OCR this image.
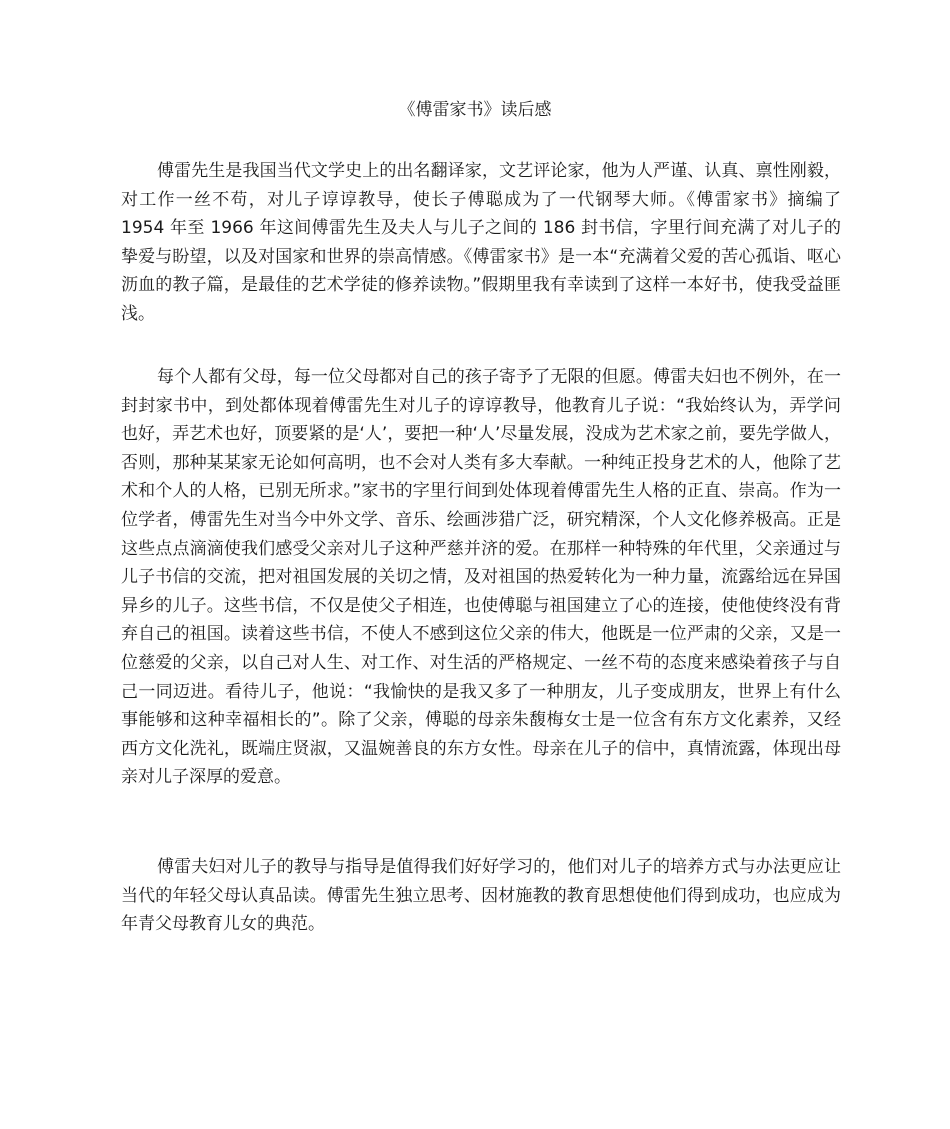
《傅雷家书》读后感

傅雷先生是我国当代文学史上的出名翻译家，文艺评论家，他为人严谨、认真、禀性刚毅，对工作一丝不苟，对儿子谆谆教导，使长子傅聪成为了一代钢琴大师。《傅雷家书》摘编了 1954 年至 1966 年这间傅雷先生及夫人与儿子之间的 186 封书信，字里行间充满了对儿子的挚爱与盼望，以及对国家和世界的崇高情感。《傅雷家书》是一本“充满着父爱的苦心孤诣、呕心沥血的教子篇，是最佳的艺术学徒的修养读物。”假期里我有幸读到了这样一本好书，使我受益匪浅。

每个人都有父母，每一位父母都对自己的孩子寄予了无限的但愿。傅雷夫妇也不例外，在一封封家书中，到处都体现着傅雷先生对儿子的谆谆教导，他教育儿子说：“我始终认为，弄学问也好，弄艺术也好，顶要紧的是‘人’，要把一种‘人’尽量发展，没成为艺术家之前，要先学做人，否则，那种某某家无论如何高明，也不会对人类有多大奉献。一种纯正投身艺术的人，他除了艺术和个人的人格，已别无所求。”家书的字里行间到处体现着傅雷先生人格的正直、崇高。作为一位学者，傅雷先生对当今中外文学、音乐、绘画涉猎广泛，研究精深，个人文化修养极高。正是这些点点滴滴使我们感受父亲对儿子这种严慈并济的爱。在那样一种特殊的年代里，父亲通过与儿子书信的交流，把对祖国发展的关切之情，及对祖国的热爱转化为一种力量，流露给远在异国异乡的儿子。这些书信，不仅是使父子相连，也使傅聪与祖国建立了心的连接，使他使终没有背弃自己的祖国。读着这些书信，不使人不感到这位父亲的伟大，他既是一位严肃的父亲，又是一位慈爱的父亲，以自己对人生、对工作、对生活的严格规定、一丝不苟的态度来感染着孩子与自己一同迈进。看待儿子，他说：“我愉快的是我又多了一种朋友，儿子变成朋友，世界上有什么事能够和这种幸福相长的”。除了父亲，傅聪的母亲朱馥梅女士是一位含有东方文化素养，又经西方文化洗礼，既端庄贤淑，又温婉善良的东方女性。母亲在儿子的信中，真情流露，体现出母亲对儿子深厚的爱意。

傅雷夫妇对儿子的教导与指导是值得我们好好学习的，他们对儿子的培养方式与办法更应让当代的年轻父母认真品读。傅雷先生独立思考、因材施教的教育思想使他们得到成功，也应成为年青父母教育儿女的典范。
